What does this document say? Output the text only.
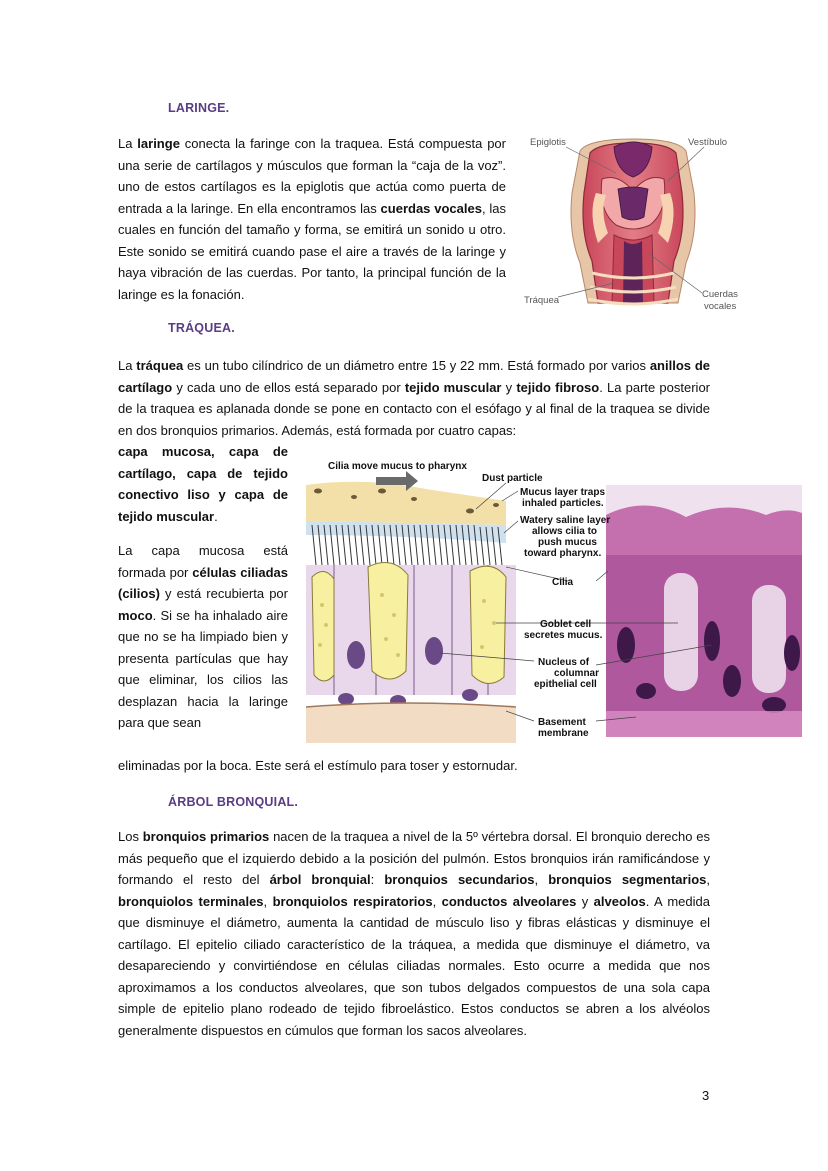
LARINGE.

La laringe conecta la faringe con la traquea. Está compuesta por una serie de cartílagos y músculos que forman la “caja de la voz”. uno de estos cartílagos es la epiglotis que actúa como puerta de entrada a la laringe. En ella encontramos las cuerdas vocales, las cuales en función del tamaño y forma, se emitirá un sonido u otro. Este sonido se emitirá cuando pase el aire a través de la laringe y haya vibración de las cuerdas. Por tanto, la principal función de la laringe es la fonación.

Epiglotis	Vestíbulo
Tráquea
Cuerdas
vocales
TRÁQUEA.

La tráquea es un tubo cilíndrico de un diámetro entre 15 y 22 mm. Está formado por varios anillos de cartílago y cada uno de ellos está separado por tejido muscular y tejido fibroso. La parte posterior de la traquea es aplanada donde se pone en contacto con el esófago y al final de la traquea se divide en dos bronquios primarios. Además, está formada por cuatro capas:

capa mucosa, capa de cartílago, capa de tejido conectivo liso y capa de tejido muscular.

La capa mucosa está formada por células ciliadas (cilios) y está recubierta por moco. Si se ha inhalado aire que no se ha limpiado bien y presenta partículas que hay que eliminar, los cilios las desplazan hacia la laringe para que sean

eliminadas por la boca. Este será el estímulo para toser y estornudar.

Cilia move mucus to pharynx
Dust particle
Mucus layer traps
inhaled particles.
Watery saline layer
allows cilia to
push mucus
toward pharynx.
Cilia
Goblet cell
secretes mucus.
Nucleus of
columnar
epithelial cell
Basement
membrane
ÁRBOL BRONQUIAL.

Los bronquios primarios nacen de la traquea a nivel de la 5º vértebra dorsal. El bronquio derecho es más pequeño que el izquierdo debido a la posición del pulmón. Estos bronquios irán ramificándose y formando el resto del árbol bronquial: bronquios secundarios, bronquios segmentarios, bronquiolos terminales, bronquiolos respiratorios, conductos alveolares y alveolos. A medida que disminuye el diámetro, aumenta la cantidad de músculo liso y fibras elásticas y disminuye el cartílago. El epitelio ciliado característico de la tráquea, a medida que disminuye el diámetro, va desapareciendo y convirtiéndose en células ciliadas normales. Esto ocurre a medida que nos aproximamos a los conductos alveolares, que son tubos delgados compuestos de una sola capa simple de epitelio plano rodeado de tejido fibroelástico. Estos conductos se abren a los alvéolos generalmente dispuestos en cúmulos que forman los sacos alveolares.

3
